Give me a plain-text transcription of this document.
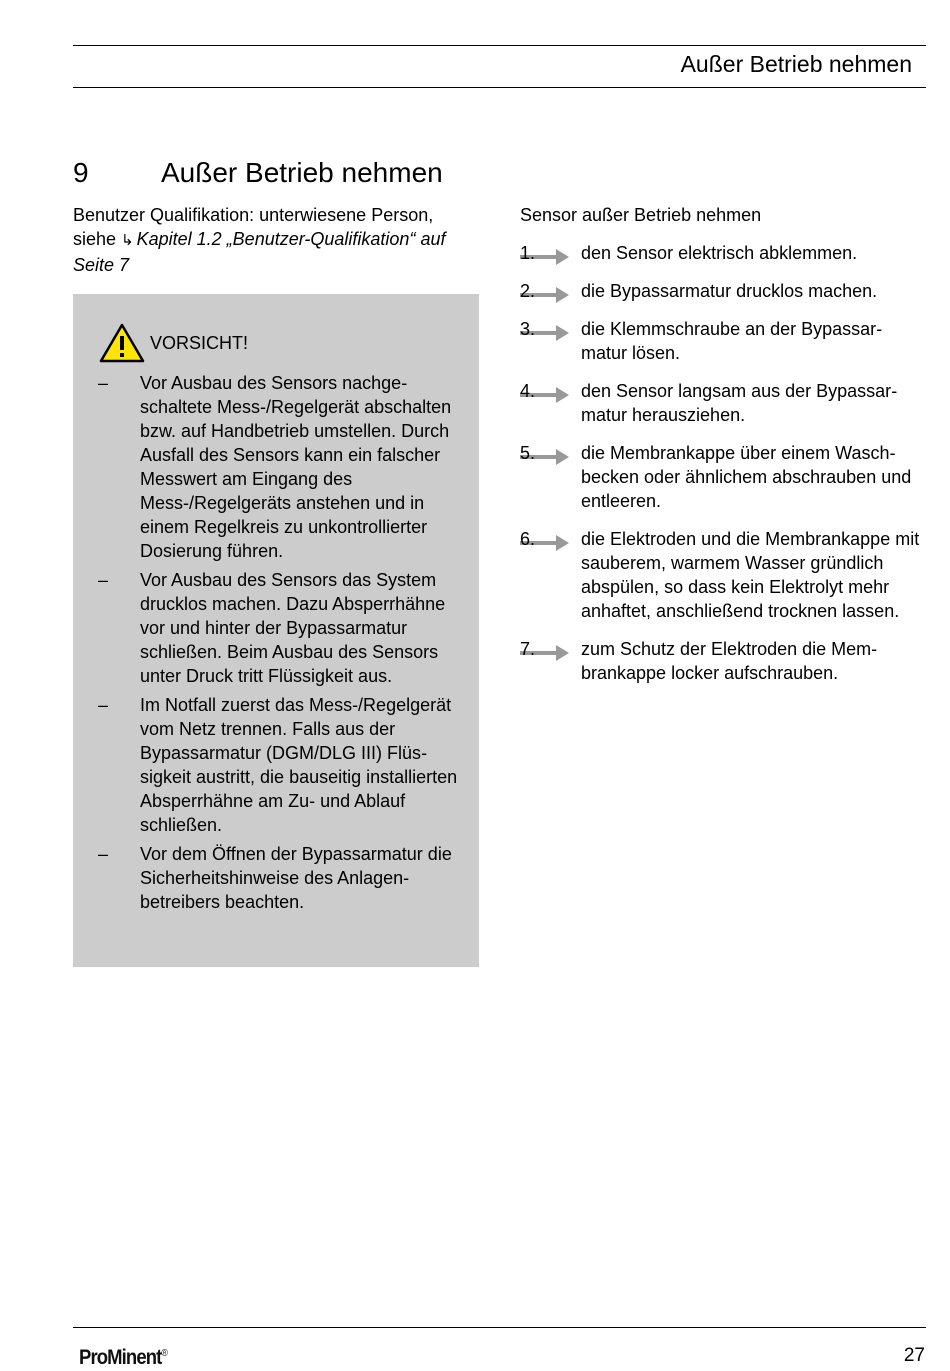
Außer Betrieb nehmen
9	Außer Betrieb nehmen
Benutzer Qualifikation: unterwiesene Person, siehe ↳ Kapitel 1.2 „Benutzer-Qualifikation“ auf Seite 7
VORSICHT!
– Vor Ausbau des Sensors nachgeschaltete Mess-/Regelgerät abschalten bzw. auf Handbetrieb umstellen. Durch Ausfall des Sensors kann ein falscher Messwert am Eingang des Mess-/Regelgeräts anstehen und in einem Regelkreis zu unkontrollierter Dosierung führen.
– Vor Ausbau des Sensors das System drucklos machen. Dazu Absperrhähne vor und hinter der Bypassarmatur schließen. Beim Ausbau des Sensors unter Druck tritt Flüssigkeit aus.
– Im Notfall zuerst das Mess-/Regelgerät vom Netz trennen. Falls aus der Bypassarmatur (DGM/DLG III) Flüssigkeit austritt, die bauseitig installierten Absperrhähne am Zu- und Ablauf schließen.
– Vor dem Öffnen der Bypassarmatur die Sicherheitshinweise des Anlagenbetreibers beachten.
Sensor außer Betrieb nehmen
1.	den Sensor elektrisch abklemmen.
2.	die Bypassarmatur drucklos machen.
3.	die Klemmschraube an der Bypassarmatur lösen.
4.	den Sensor langsam aus der Bypassarmatur herausziehen.
5.	die Membrankappe über einem Waschbecken oder ähnlichem abschrauben und entleeren.
6.	die Elektroden und die Membrankappe mit sauberem, warmem Wasser gründlich abspülen, so dass kein Elektrolyt mehr anhaftet, anschließend trocknen lassen.
7.	zum Schutz der Elektroden die Membrankappe locker aufschrauben.
ProMinent®	27
